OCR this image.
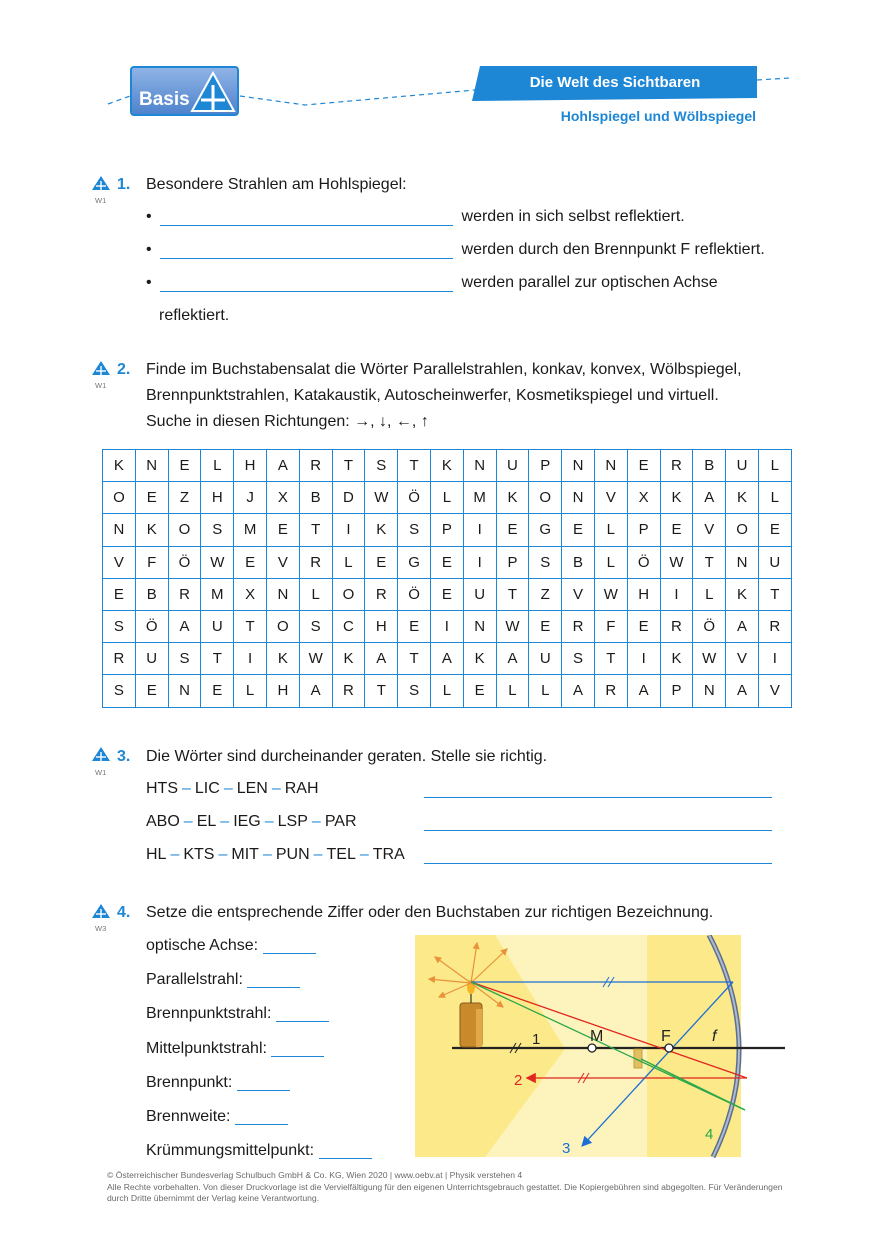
Basis
Die Welt des Sichtbaren
Hohlspiegel und Wölbspiegel
W1
1. Besondere Strahlen am Hohlspiegel:
•	werden in sich selbst reflektiert.
•	werden durch den Brennpunkt F reflektiert.
•	werden parallel zur optischen Achse
reflektiert.
W1
2. Finde im Buchstabensalat die Wörter Parallelstrahlen, konkav, konvex, Wölbspiegel,
Brennpunktstrahlen, Katakaustik, Autoscheinwerfer, Kosmetikspiegel und virtuell.
Suche in diesen Richtungen: →, ↓, ←, ↑
K	N	E	L	H	A	R	T	S	T	K	N	U	P	N	N	E	R	B	U	L
O	E	Z	H	J	X	B	D	W	Ö	L	M	K	O	N	V	X	K	A	K	L
N	K	O	S	M	E	T	I	K	S	P	I	E	G	E	L	P	E	V	O	E
V	F	Ö	W	E	V	R	L	E	G	E	I	P	S	B	L	Ö	W	T	N	U
E	B	R	M	X	N	L	O	R	Ö	E	U	T	Z	V	W	H	I	L	K	T
S	Ö	A	U	T	O	S	C	H	E	I	N	W	E	R	F	E	R	Ö	A	R
R	U	S	T	I	K	W	K	A	T	A	K	A	U	S	T	I	K	W	V	I
S	E	N	E	L	H	A	R	T	S	L	E	L	L	A	R	A	P	N	A	V
W1
3. Die Wörter sind durcheinander geraten. Stelle sie richtig.
HTS – LIC – LEN – RAH
ABO – EL – IEG – LSP – PAR
HL – KTS – MIT – PUN – TEL – TRA
W3
4. Setze die entsprechende Ziffer oder den Buchstaben zur richtigen Bezeichnung.
optische Achse:
Parallelstrahl:
Brennpunktstrahl:
Mittelpunktstrahl:
Brennpunkt:
Brennweite:
Krümmungsmittelpunkt:
M	F	f
1
2
3
4
© Österreichischer Bundesverlag Schulbuch GmbH & Co. KG, Wien 2020 | www.oebv.at | Physik verstehen 4
Alle Rechte vorbehalten. Von dieser Druckvorlage ist die Vervielfältigung für den eigenen Unterrichtsgebrauch gestattet. Die Kopiergebühren sind abgegolten. Für Veränderungen durch Dritte übernimmt der Verlag keine Verantwortung.
